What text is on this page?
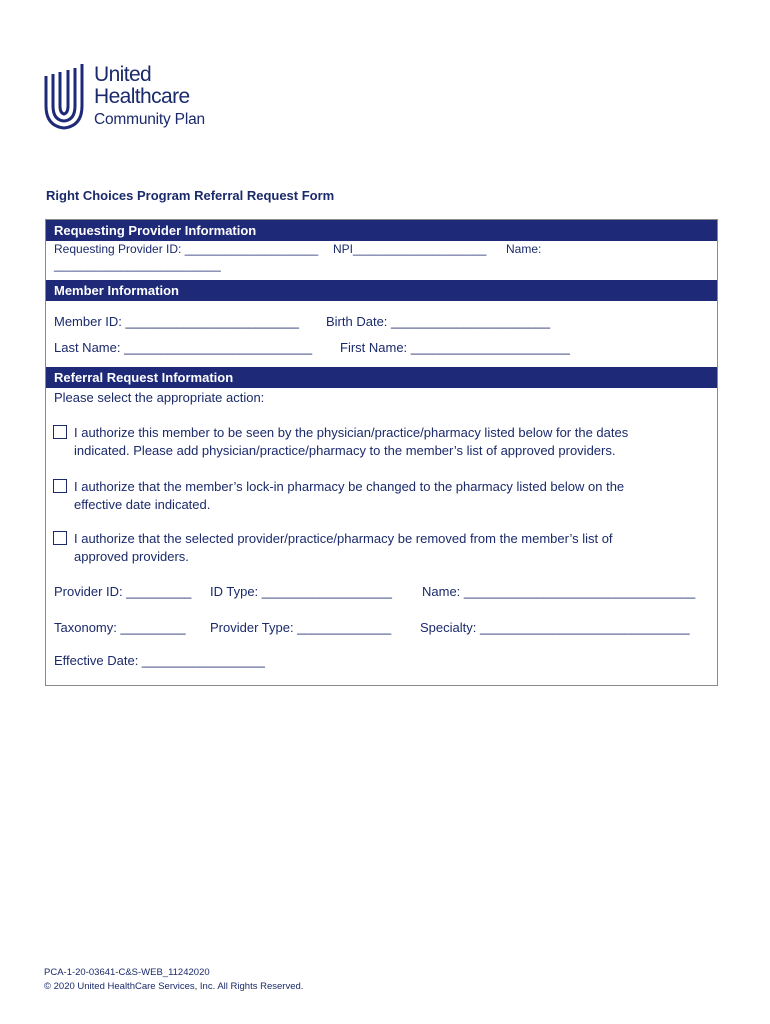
United
Healthcare
Community Plan
Right Choices Program Referral Request Form
Requesting Provider Information
Requesting Provider ID: ____________________ NPI____________________ Name:
_________________________
Member Information
Member ID: ________________________ Birth Date: ______________________
Last Name: __________________________ First Name: ______________________
Referral Request Information
Please select the appropriate action:
I authorize this member to be seen by the physician/practice/pharmacy listed below for the dates
indicated. Please add physician/practice/pharmacy to the member’s list of approved providers.
I authorize that the member’s lock-in pharmacy be changed to the pharmacy listed below on the
effective date indicated.
I authorize that the selected provider/practice/pharmacy be removed from the member’s list of
approved providers.
Provider ID: _________ ID Type: __________________ Name: ________________________________
Taxonomy: _________ Provider Type: _____________ Specialty: _____________________________
Effective Date: _________________
PCA-1-20-03641-C&S-WEB_11242020
© 2020 United HealthCare Services, Inc. All Rights Reserved.
